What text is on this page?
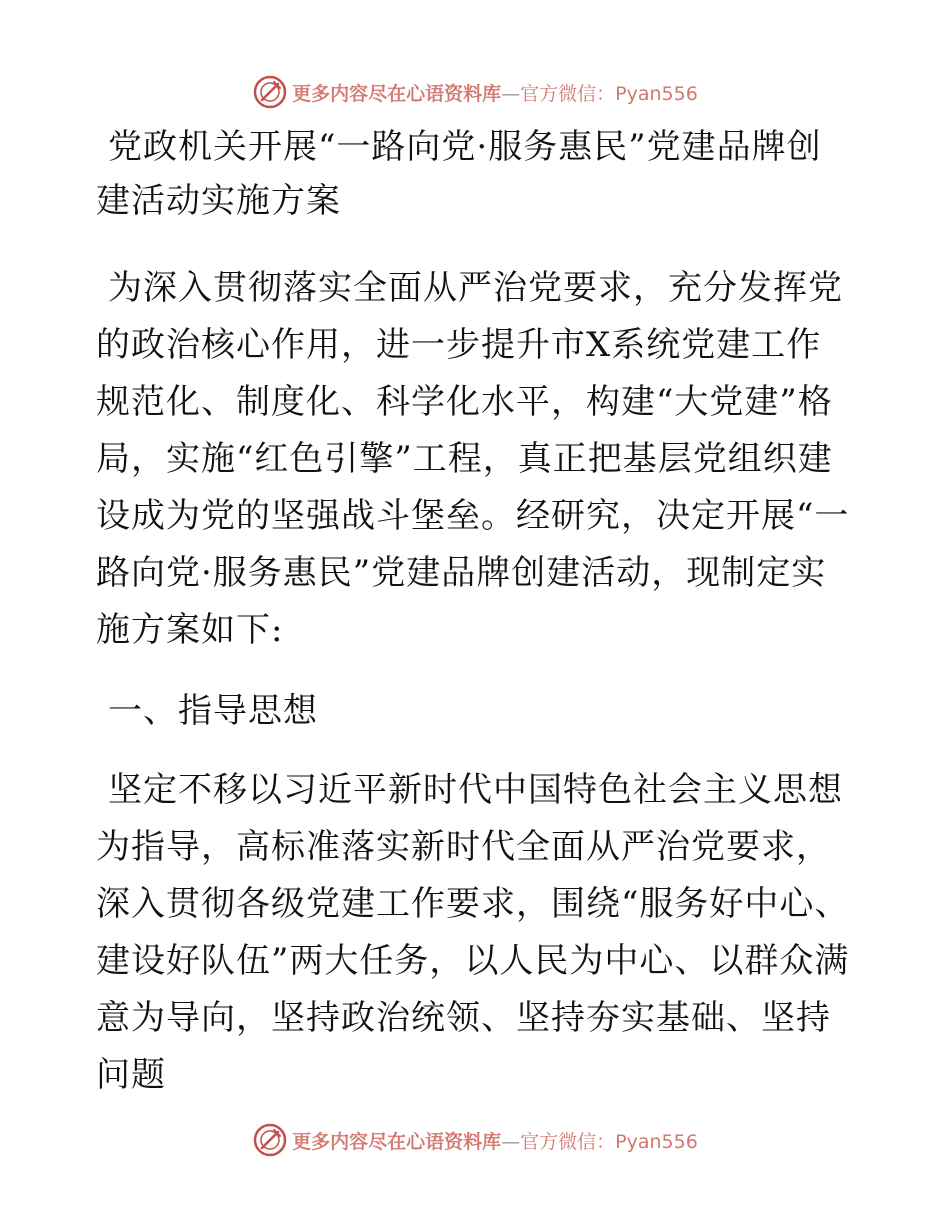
更多内容尽在心语资料库—官方微信：Pyan556
党政机关开展“一路向党·服务惠民”党建品牌创建活动实施方案

为深入贯彻落实全面从严治党要求，充分发挥党的政治核心作用，进一步提升市X系统党建工作规范化、制度化、科学化水平，构建“大党建”格局，实施“红色引擎”工程，真正把基层党组织建设成为党的坚强战斗堡垒。经研究，决定开展“一路向党·服务惠民”党建品牌创建活动，现制定实施方案如下:

一、指导思想

坚定不移以习近平新时代中国特色社会主义思想为指导，高标准落实新时代全面从严治党要求，深入贯彻各级党建工作要求，围绕“服务好中心、建设好队伍”两大任务，以人民为中心、以群众满意为导向，坚持政治统领、坚持夯实基础、坚持问题

更多内容尽在心语资料库—官方微信：Pyan556
